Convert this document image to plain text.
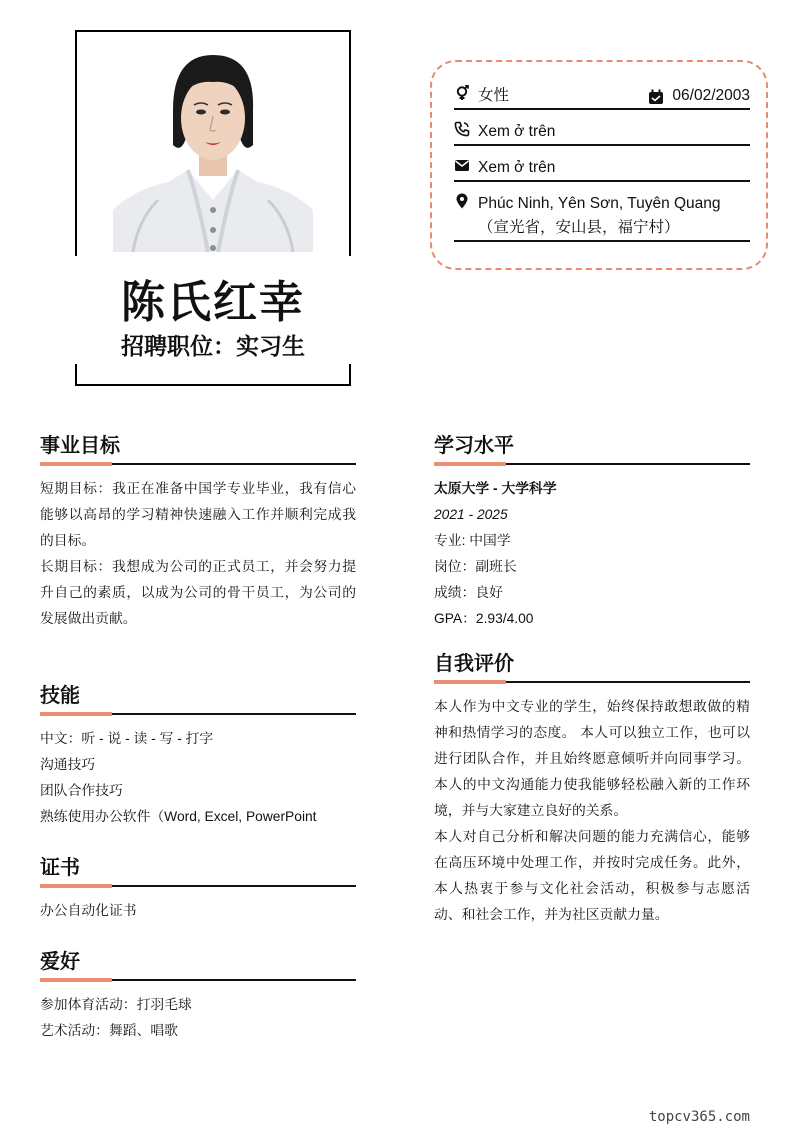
陈氏红幸
招聘职位：实习生
女性	06/02/2003
Xem ở trên
Xem ở trên
Phúc Ninh, Yên Sơn, Tuyên Quang
（宣光省，安山县，福宁村）
事业目标

短期目标：我正在准备中国学专业毕业，我有信心能够以高昂的学习精神快速融入工作并顺利完成我的目标。

长期目标：我想成为公司的正式员工，并会努力提升自己的素质，以成为公司的骨干员工，为公司的发展做出贡献。

技能
中文：听 - 说 - 读 - 写 - 打字
沟通技巧
团队合作技巧
熟练使用办公软件（Word, Excel, PowerPoint
证书
办公自动化证书
爱好
参加体育活动：打羽毛球
艺术活动：舞蹈、唱歌
学习水平
太原大学 - 大学科学
2021 - 2025
专业: 中国学
岗位：副班长
成绩：良好
GPA：2.93/4.00
自我评价

本人作为中文专业的学生，始终保持敢想敢做的精神和热情学习的态度。 本人可以独立工作，也可以进行团队合作，并且始终愿意倾听并向同事学习。 本人的中文沟通能力使我能够轻松融入新的工作环境，并与大家建立良好的关系。

本人对自己分析和解决问题的能力充满信心，能够在高压环境中处理工作，并按时完成任务。此外，本人热衷于参与文化社会活动，积极参与志愿活动、和社会工作，并为社区贡献力量。

topcv365.com
